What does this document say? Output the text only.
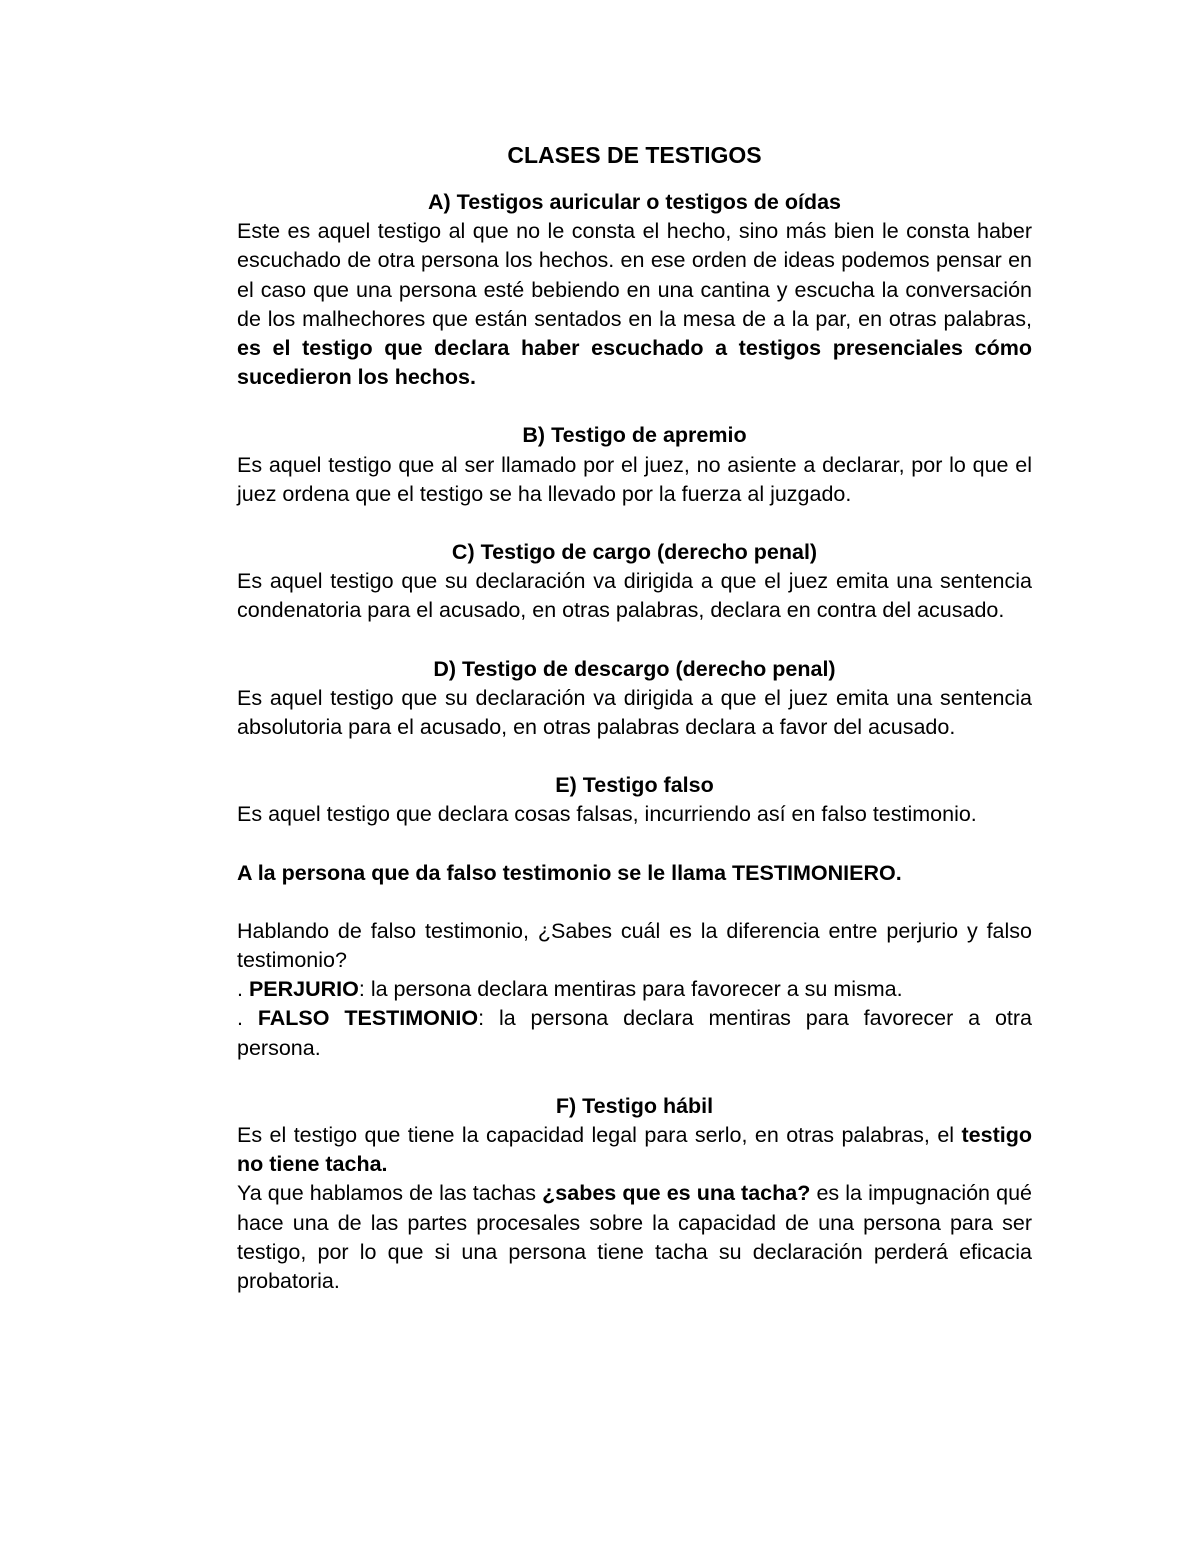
CLASES DE TESTIGOS

A) Testigos auricular o testigos de oídas

Este es aquel testigo al que no le consta el hecho, sino más bien le consta haber escuchado de otra persona los hechos. en ese orden de ideas podemos pensar en el caso que una persona esté bebiendo en una cantina y escucha la conversación de los malhechores que están sentados en la mesa de a la par, en otras palabras, es el testigo que declara haber escuchado a testigos presenciales cómo sucedieron los hechos.

B) Testigo de apremio

Es aquel testigo que al ser llamado por el juez, no asiente a declarar, por lo que el juez ordena que el testigo se ha llevado por la fuerza al juzgado.

C) Testigo de cargo (derecho penal)

Es aquel testigo que su declaración va dirigida a que el juez emita una sentencia condenatoria para el acusado, en otras palabras, declara en contra del acusado.

D) Testigo de descargo (derecho penal)

Es aquel testigo que su declaración va dirigida a que el juez emita una sentencia absolutoria para el acusado, en otras palabras declara a favor del acusado.

E) Testigo falso

Es aquel testigo que declara cosas falsas, incurriendo así en falso testimonio.

A la persona que da falso testimonio se le llama TESTIMONIERO.

Hablando de falso testimonio, ¿Sabes cuál es la diferencia entre perjurio y falso testimonio?

. PERJURIO: la persona declara mentiras para favorecer a su misma.

. FALSO TESTIMONIO: la persona declara mentiras para favorecer a otra persona.

F) Testigo hábil

Es el testigo que tiene la capacidad legal para serlo, en otras palabras, el testigo no tiene tacha.

Ya que hablamos de las tachas ¿sabes que es una tacha? es la impugnación qué hace una de las partes procesales sobre la capacidad de una persona para ser testigo, por lo que si una persona tiene tacha su declaración perderá eficacia probatoria.
